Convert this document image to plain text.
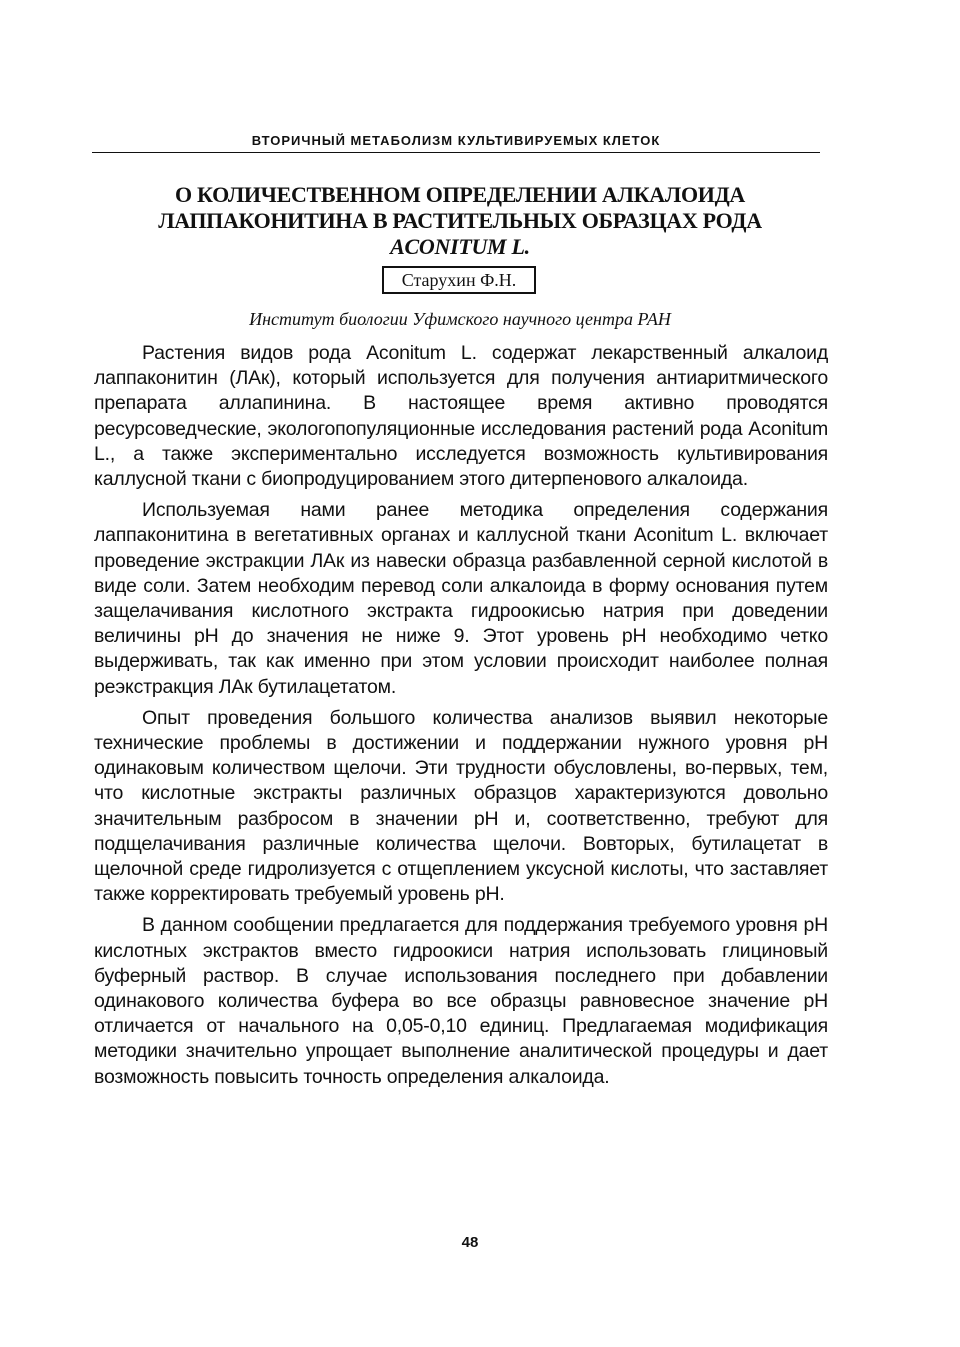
ВТОРИЧНЫЙ МЕТАБОЛИЗМ КУЛЬТИВИРУЕМЫХ КЛЕТОК
О КОЛИЧЕСТВЕННОМ ОПРЕДЕЛЕНИИ АЛКАЛОИДА
ЛАППАКОНИТИНА В РАСТИТЕЛЬНЫХ ОБРАЗЦАХ РОДА
ACONITUM L.
Старухин Ф.Н.
Институт биологии Уфимского научного центра РАН

Растения видов рода Aconitum L. содержат лекарственный алкалоид лаппаконитин (ЛАк), который используется для получения антиаритмического препарата аллапинина. В настоящее время активно проводятся ресурсоведческие, экологопопуляционные исследования растений рода Aconitum L., а также экспериментально исследуется возможность культивирования каллусной ткани с биопродуцированием этого дитерпенового алкалоида.

Используемая нами ранее методика определения содержания лаппаконитина в вегетативных органах и каллусной ткани Aconitum L. включает проведение экстракции ЛАк из навески образца разбавленной серной кислотой в виде соли. Затем необходим перевод соли алкалоида в форму основания путем защелачивания кислотного экстракта гидроокисью натрия при доведении величины pH до значения не ниже 9. Этот уровень pH необходимо четко выдерживать, так как именно при этом условии происходит наиболее полная реэкстракция ЛАк бутилацетатом.

Опыт проведения большого количества анализов выявил некоторые технические проблемы в достижении и поддержании нужного уровня pH одинаковым количеством щелочи. Эти трудности обусловлены, во-первых, тем, что кислотные экстракты различных образцов характеризуются довольно значительным разбросом в значении pH и, соответственно, требуют для подщелачивания различные количества щелочи. Вовторых, бутилацетат в щелочной среде гидролизуется с отщеплением уксусной кислоты, что заставляет также корректировать требуемый уровень pH.

В данном сообщении предлагается для поддержания требуемого уровня pH кислотных экстрактов вместо гидроокиси натрия использовать глициновый буферный раствор. В случае использования последнего при добавлении одинакового количества буфера во все образцы равновесное значение pH отличается от начального на 0,05-0,10 единиц. Предлагаемая модификация методики значительно упрощает выполнение аналитической процедуры и дает возможность повысить точность определения алкалоида.

48
